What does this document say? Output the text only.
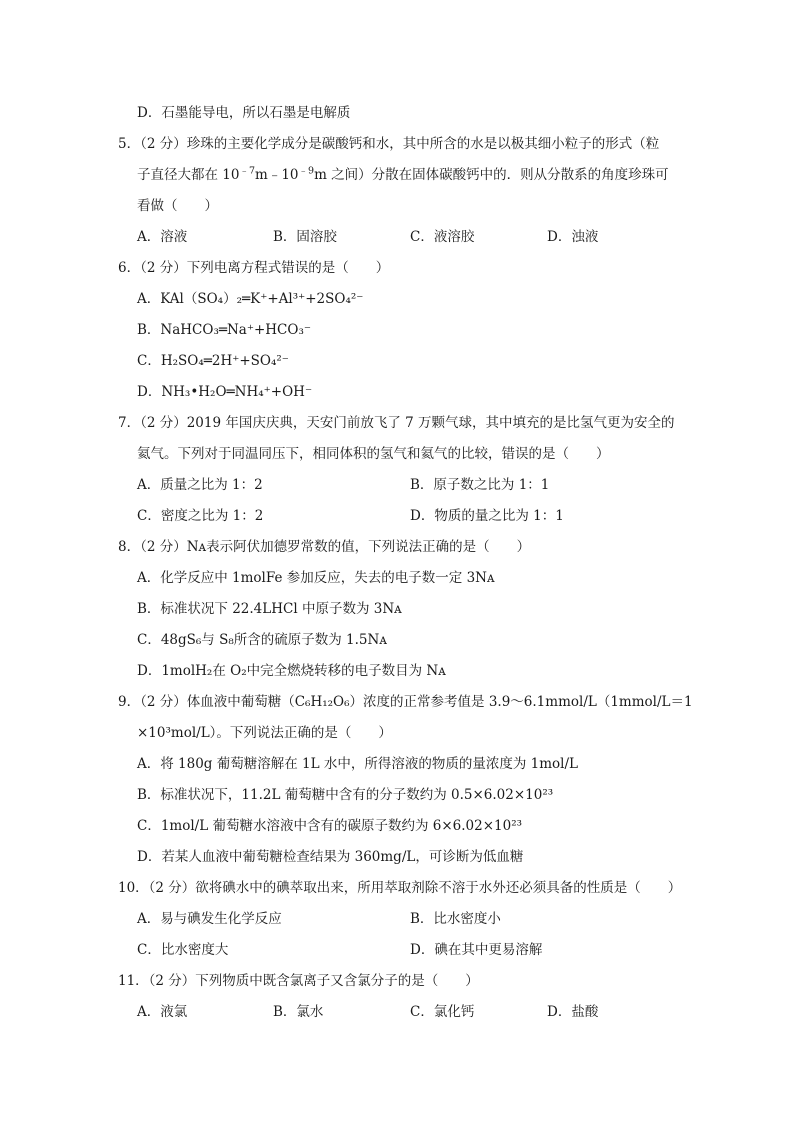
D．石墨能导电，所以石墨是电解质
5．（2 分）珍珠的主要化学成分是碳酸钙和水，其中所含的水是以极其细小粒子的形式（粒
子直径大都在 $10^{﹣7}m﹣10^{﹣9}m$ 之间）分散在固体碳酸钙中的．则从分散系的角度珍珠可
看做（　　）
A．溶液	B．固溶胶	C．液溶胶	D．浊液
6．（2 分）下列电离方程式错误的是（　　）
A．KAl（SO₄）₂═K⁺+Al³⁺+2SO₄²⁻
B．NaHCO₃═Na⁺+HCO₃⁻
C．H₂SO₄═2H⁺+SO₄²⁻
D．NH₃•H₂O═NH₄⁺+OH⁻
7．（2 分）2019 年国庆庆典，天安门前放飞了 7 万颗气球，其中填充的是比氢气更为安全的
氦气。下列对于同温同压下，相同体积的氢气和氦气的比较，错误的是（　　）
A．质量之比为 1：2	B．原子数之比为 1：1
C．密度之比为 1：2	D．物质的量之比为 1：1
8．（2 分）Nᴀ表示阿伏加德罗常数的值，下列说法正确的是（　　）
A．化学反应中 1molFe 参加反应，失去的电子数一定 3Nᴀ
B．标准状况下 22.4LHCl 中原子数为 3Nᴀ
C．48gS₆与 S₈所含的硫原子数为 1.5Nᴀ
D．1molH₂在 O₂中完全燃烧转移的电子数目为 Nᴀ
9．（2 分）体血液中葡萄糖（C₆H₁₂O₆）浓度的正常参考值是 3.9～6.1mmol/L（1mmol/L＝1
×10³mol/L）。下列说法正确的是（　　）
A．将 180g 葡萄糖溶解在 1L 水中，所得溶液的物质的量浓度为 1mol/L
B．标准状况下，11.2L 葡萄糖中含有的分子数约为 0.5×6.02×10²³
C．1mol/L 葡萄糖水溶液中含有的碳原子数约为 6×6.02×10²³
D．若某人血液中葡萄糖检查结果为 360mg/L，可诊断为低血糖
10．（2 分）欲将碘水中的碘萃取出来，所用萃取剂除不溶于水外还必须具备的性质是（　　）
A．易与碘发生化学反应	B．比水密度小
C．比水密度大	D．碘在其中更易溶解
11．（2 分）下列物质中既含氯离子又含氯分子的是（　　）
A．液氯	B．氯水	C．氯化钙	D．盐酸
